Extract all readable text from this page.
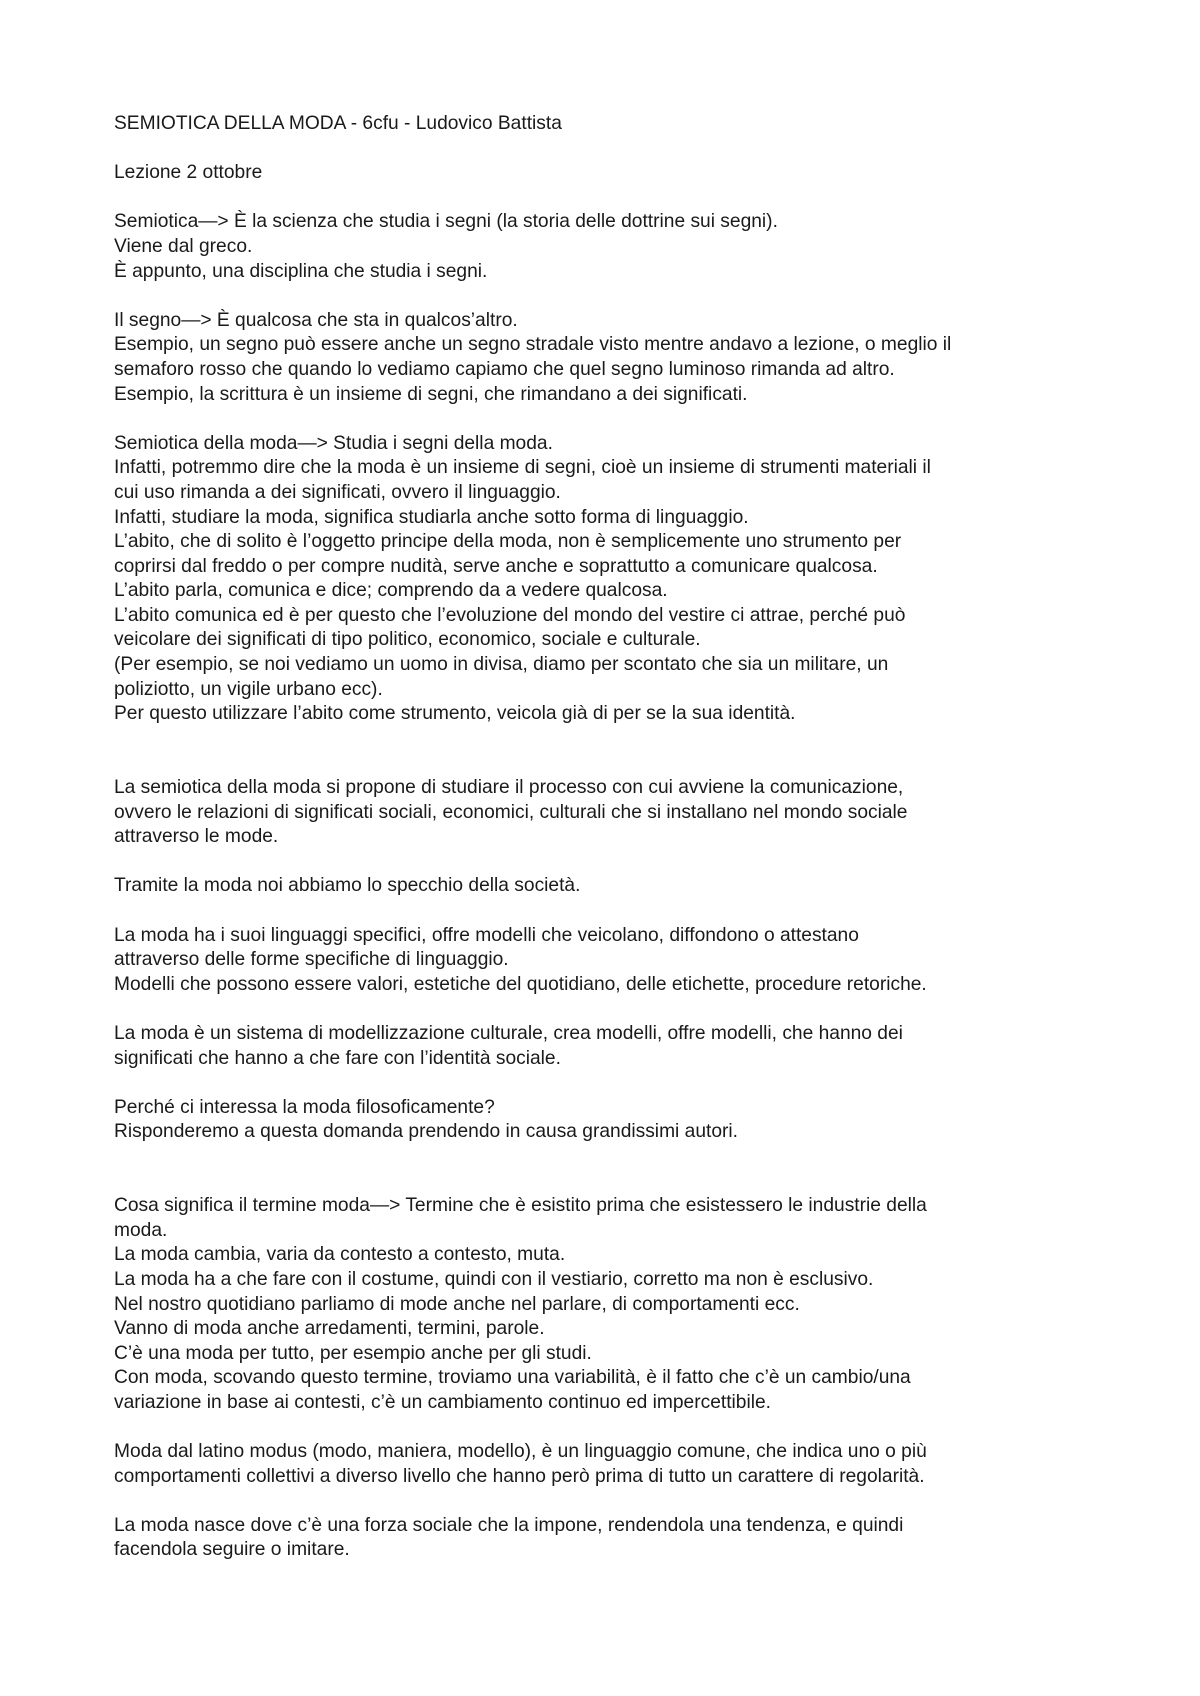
SEMIOTICA DELLA MODA - 6cfu - Ludovico Battista
Lezione 2 ottobre
Semiotica—> È la scienza che studia i segni (la storia delle dottrine sui segni).
Viene dal greco.
È appunto, una disciplina che studia i segni.
Il segno—> È qualcosa che sta in qualcos’altro.
Esempio, un segno può essere anche un segno stradale visto mentre andavo a lezione, o meglio il
semaforo rosso che quando lo vediamo capiamo che quel segno luminoso rimanda ad altro.
Esempio, la scrittura è un insieme di segni, che rimandano a dei significati.
Semiotica della moda—> Studia i segni della moda.
Infatti, potremmo dire che la moda è un insieme di segni, cioè un insieme di strumenti materiali il
cui uso rimanda a dei significati, ovvero il linguaggio.
Infatti, studiare la moda, significa studiarla anche sotto forma di linguaggio.
L’abito, che di solito è l’oggetto principe della moda, non è semplicemente uno strumento per
coprirsi dal freddo o per compre nudità, serve anche e soprattutto a comunicare qualcosa.
L’abito parla, comunica e dice; comprendo da a vedere qualcosa.
L’abito comunica ed è per questo che l’evoluzione del mondo del vestire ci attrae, perché può
veicolare dei significati di tipo politico, economico, sociale e culturale.
(Per esempio, se noi vediamo un uomo in divisa, diamo per scontato che sia un militare, un
poliziotto, un vigile urbano ecc).
Per questo utilizzare l’abito come strumento, veicola già di per se la sua identità.
La semiotica della moda si propone di studiare il processo con cui avviene la comunicazione,
ovvero le relazioni di significati sociali, economici, culturali che si installano nel mondo sociale
attraverso le mode.
Tramite la moda noi abbiamo lo specchio della società.
La moda ha i suoi linguaggi specifici, offre modelli che veicolano, diffondono o attestano
attraverso delle forme specifiche di linguaggio.
Modelli che possono essere valori, estetiche del quotidiano, delle etichette, procedure retoriche.
La moda è un sistema di modellizzazione culturale, crea modelli, offre modelli, che hanno dei
significati che hanno a che fare con l’identità sociale.
Perché ci interessa la moda filosoficamente?
Risponderemo a questa domanda prendendo in causa grandissimi autori.
Cosa significa il termine moda—> Termine che è esistito prima che esistessero le industrie della
moda.
La moda cambia, varia da contesto a contesto, muta.
La moda ha a che fare con il costume, quindi con il vestiario, corretto ma non è esclusivo.
Nel nostro quotidiano parliamo di mode anche nel parlare, di comportamenti ecc.
Vanno di moda anche arredamenti, termini, parole.
C’è una moda per tutto, per esempio anche per gli studi.
Con moda, scovando questo termine, troviamo una variabilità, è il fatto che c’è un cambio/una
variazione in base ai contesti, c’è un cambiamento continuo ed impercettibile.
Moda dal latino modus (modo, maniera, modello), è un linguaggio comune, che indica uno o più
comportamenti collettivi a diverso livello che hanno però prima di tutto un carattere di regolarità.
La moda nasce dove c’è una forza sociale che la impone, rendendola una tendenza, e quindi
facendola seguire o imitare.
